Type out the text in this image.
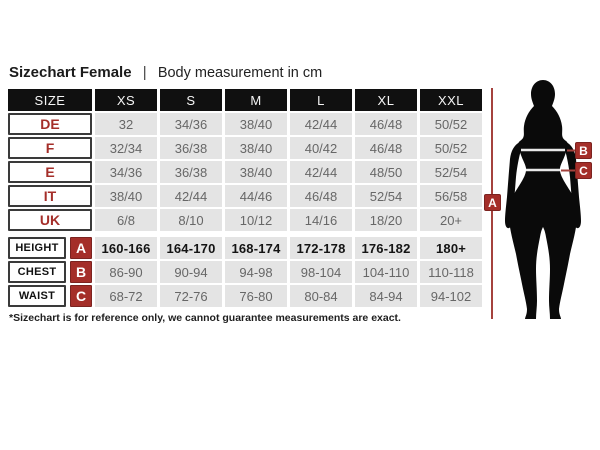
Sizechart Female | Body measurement in cm
SIZE	XS	S	M	L	XL	XXL
DE	32	34/36	38/40	42/44	46/48	50/52
F	32/34	36/38	38/40	40/42	46/48	50/52
E	34/36	36/38	38/40	42/44	48/50	52/54
IT	38/40	42/44	44/46	46/48	52/54	56/58
UK	6/8	8/10	10/12	14/16	18/20	20+
HEIGHT	A	160-166	164-170	168-174	172-178	176-182	180+
CHEST	B	86-90	90-94	94-98	98-104	104-110	110-118
WAIST	C	68-72	72-76	76-80	80-84	84-94	94-102
*Sizechart is for reference only, we cannot guarantee measurements are exact.
A
B
C
